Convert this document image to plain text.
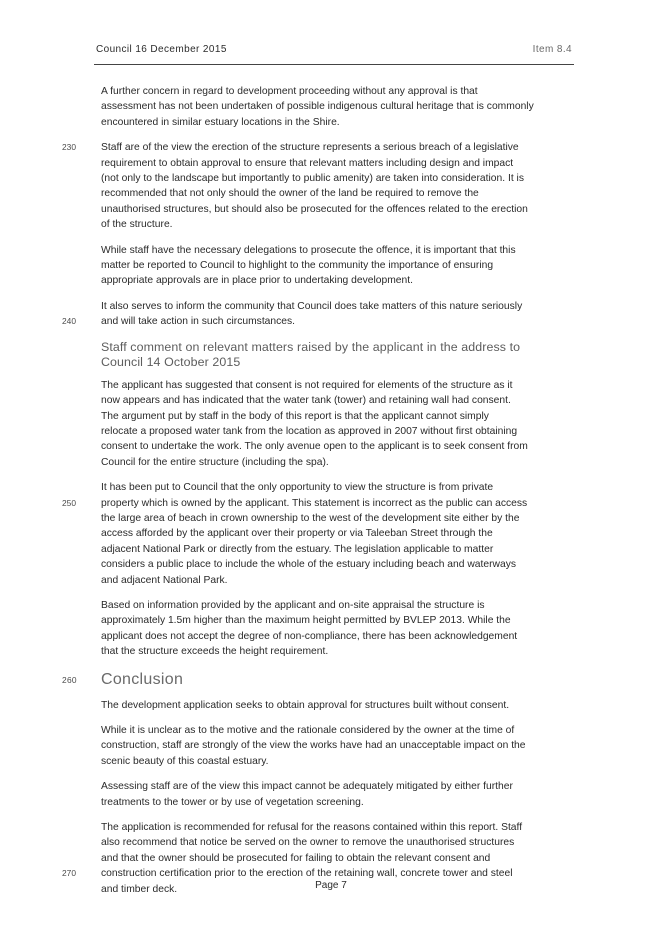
Council 16 December 2015	Item 8.4
A further concern in regard to development proceeding without any approval is that
assessment has not been undertaken of possible indigenous cultural heritage that is commonly
encountered in similar estuary locations in the Shire.
230 Staff are of the view the erection of the structure represents a serious breach of a legislative
requirement to obtain approval to ensure that relevant matters including design and impact
(not only to the landscape but importantly to public amenity) are taken into consideration. It is
recommended that not only should the owner of the land be required to remove the
unauthorised structures, but should also be prosecuted for the offences related to the erection
of the structure.
While staff have the necessary delegations to prosecute the offence, it is important that this
matter be reported to Council to highlight to the community the importance of ensuring
appropriate approvals are in place prior to undertaking development.
240
It also serves to inform the community that Council does take matters of this nature seriously
and will take action in such circumstances.
Staff comment on relevant matters raised by the applicant in the address to
Council 14 October 2015
The applicant has suggested that consent is not required for elements of the structure as it
now appears and has indicated that the water tank (tower) and retaining wall had consent.
The argument put by staff in the body of this report is that the applicant cannot simply
relocate a proposed water tank from the location as approved in 2007 without first obtaining
consent to undertake the work. The only avenue open to the applicant is to seek consent from
Council for the entire structure (including the spa).
250
It has been put to Council that the only opportunity to view the structure is from private
property which is owned by the applicant. This statement is incorrect as the public can access
the large area of beach in crown ownership to the west of the development site either by the
access afforded by the applicant over their property or via Taleeban Street through the
adjacent National Park or directly from the estuary. The legislation applicable to matter
considers a public place to include the whole of the estuary including beach and waterways
and adjacent National Park.
Based on information provided by the applicant and on-site appraisal the structure is
approximately 1.5m higher than the maximum height permitted by BVLEP 2013. While the
applicant does not accept the degree of non-compliance, there has been acknowledgement
that the structure exceeds the height requirement.
260 Conclusion
The development application seeks to obtain approval for structures built without consent.
While it is unclear as to the motive and the rationale considered by the owner at the time of
construction, staff are strongly of the view the works have had an unacceptable impact on the
scenic beauty of this coastal estuary.
Assessing staff are of the view this impact cannot be adequately mitigated by either further
treatments to the tower or by use of vegetation screening.
270
The application is recommended for refusal for the reasons contained within this report. Staff
also recommend that notice be served on the owner to remove the unauthorised structures
and that the owner should be prosecuted for failing to obtain the relevant consent and
construction certification prior to the erection of the retaining wall, concrete tower and steel
and timber deck.	Page 7
